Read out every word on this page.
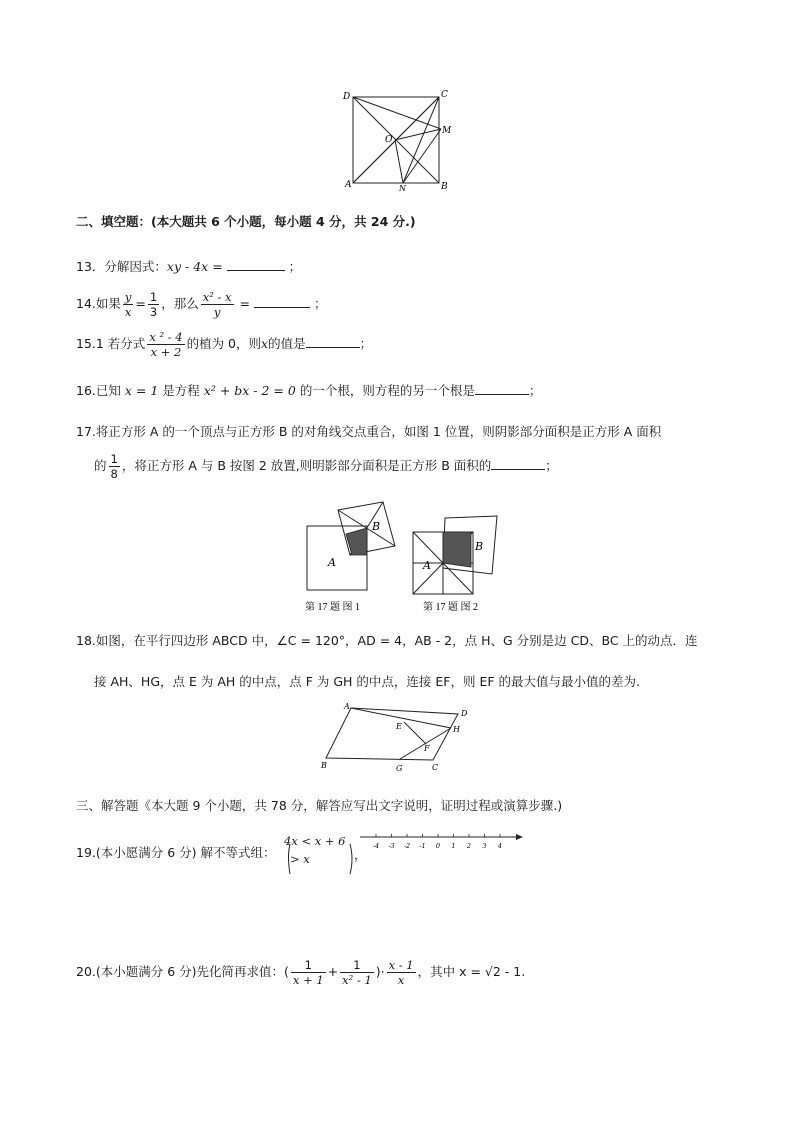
D	C
M
O
A	N	B
二、填空题：(本大题共 6 个小题，每小题 4 分，共 24 分.)
13．分解因式：xy - 4x =	；
14.如果 $\frac{y}{x} = \frac{1}{3}$ ，那么 $\frac{\text{x² - x}}{y}$ =	；
15.1 若分式 $\frac{\text{x ² - 4}}{x + 2}$ 的植为 0，则x的值是	；
16.已知 x = 1 是方程 x² + bx - 2 = 0 的一个根，则方程的另一个根是	；
17.将正方形 A 的一个顶点与正方形 B 的对角线交点重合，如图 1 位置，则阴影部分面积是正方形 A 面积
的 $\frac{1}{8}$ ，将正方形 A 与 B 按图 2 放置,则明影部分面积是正方形 B 面积的	；
A
B
第 17 题 图 1
A
B
第 17 题 图 2
18.如图，在平行四边形 ABCD 中，∠C = 120°，AD = 4，AB - 2，点 H、G 分别是边 CD、BC 上的动点．连
接 AH、HG，点 E 为 AH 的中点，点 F 为 GH 的中点，连接 EF，则 EF 的最大值与最小值的差为.
A
D
E	H
F
B	G	C
三、解答题《本大题 9 个小题，共 78 分，解答应写出文字说明，证明过程或演算步骤.)
19.(本小愿满分 6 分) 解不等式组：
4x < x + 6
> x	，
-4 -3 -2 -1 0 1 2 3 4
20.(本小题满分 6 分)先化简再求值：( $\frac{1}{x + 1} + \frac{1}{\text{x² - 1}}$ )· $\frac{x - 1}{x}$ ，其中 x = √2 - 1.
